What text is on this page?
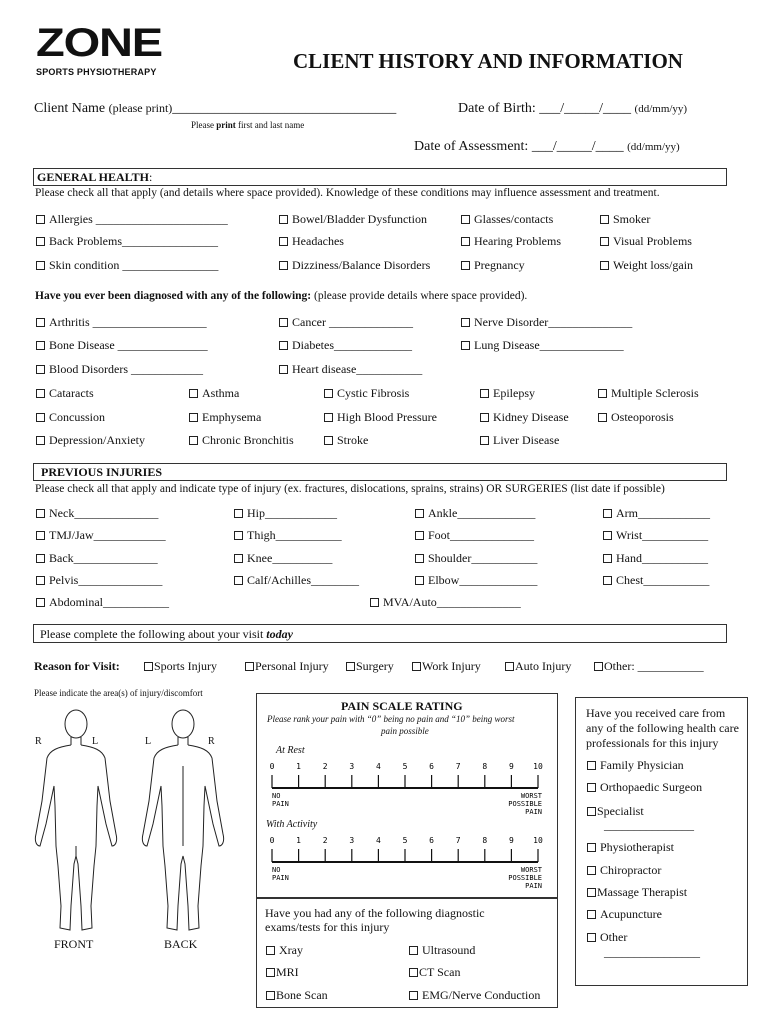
ZONE
SPORTS PHYSIOTHERAPY	CLIENT HISTORY AND INFORMATION
Client Name (please print)________________________________
Please print first and last name
Date of Birth: ___/_____/____ (dd/mm/yy)
Date of Assessment: ___/_____/____ (dd/mm/yy)
GENERAL HEALTH:
Please check all that apply (and details where space provided). Knowledge of these conditions may influence assessment and treatment.
Have you ever been diagnosed with any of the following: (please provide details where space provided).
PREVIOUS INJURIES
Please check all that apply and indicate type of injury (ex. fractures, dislocations, sprains, strains) OR SURGERIES (list date if possible)
Please complete the following about your visit today
Reason for Visit:
Please indicate the area(s) of injury/discomfort
R	L	L	R
FRONT	BACK
PAIN SCALE RATING
Please rank your pain with “0” being no pain and “10” being worst
pain possible
At Rest
With Activity
0	1	2	3	4	5	6	7	8	9 10
NO
PAIN
WORST
POSSIBLE
PAIN
0	1	2	3	4	5	6	7	8	9 10
NO
PAIN
WORST
POSSIBLE
PAIN
Have you had any of the following diagnostic
exams/tests for this injury
Have you received care from
any of the following health care
professionals for this injury
_______________
________________
Allergies ______________________	Bowel/Bladder Dysfunction	Glasses/contacts	Smoker
Back Problems________________	Headaches	Hearing Problems	Visual Problems
Skin condition ________________	Dizziness/Balance Disorders	Pregnancy	Weight loss/gain
Arthritis ___________________	Cancer ______________	Nerve Disorder______________
Bone Disease _______________	Diabetes_____________	Lung Disease______________
Blood Disorders ____________	Heart disease___________
Cataracts	Asthma	Cystic Fibrosis	Epilepsy	Multiple Sclerosis
Concussion	Emphysema	High Blood Pressure	Kidney Disease	Osteoporosis
Depression/Anxiety	Chronic Bronchitis	Stroke	Liver Disease
Neck______________	Hip____________	Ankle_____________	Arm____________
TMJ/Jaw____________	Thigh___________	Foot______________	Wrist___________
Back______________	Knee__________	Shoulder___________	Hand___________
Pelvis______________	Calf/Achilles________	Elbow_____________	Chest___________
Abdominal___________	MVA/Auto______________
Sports Injury	Personal Injury	Surgery	Work Injury	Auto Injury	Other: ___________
Xray	Ultrasound
MRI	CT Scan
Bone Scan	EMG/Nerve Conduction
Family Physician
Orthopaedic Surgeon
Specialist
Physiotherapist
Chiropractor
Massage Therapist
Acupuncture
Other
